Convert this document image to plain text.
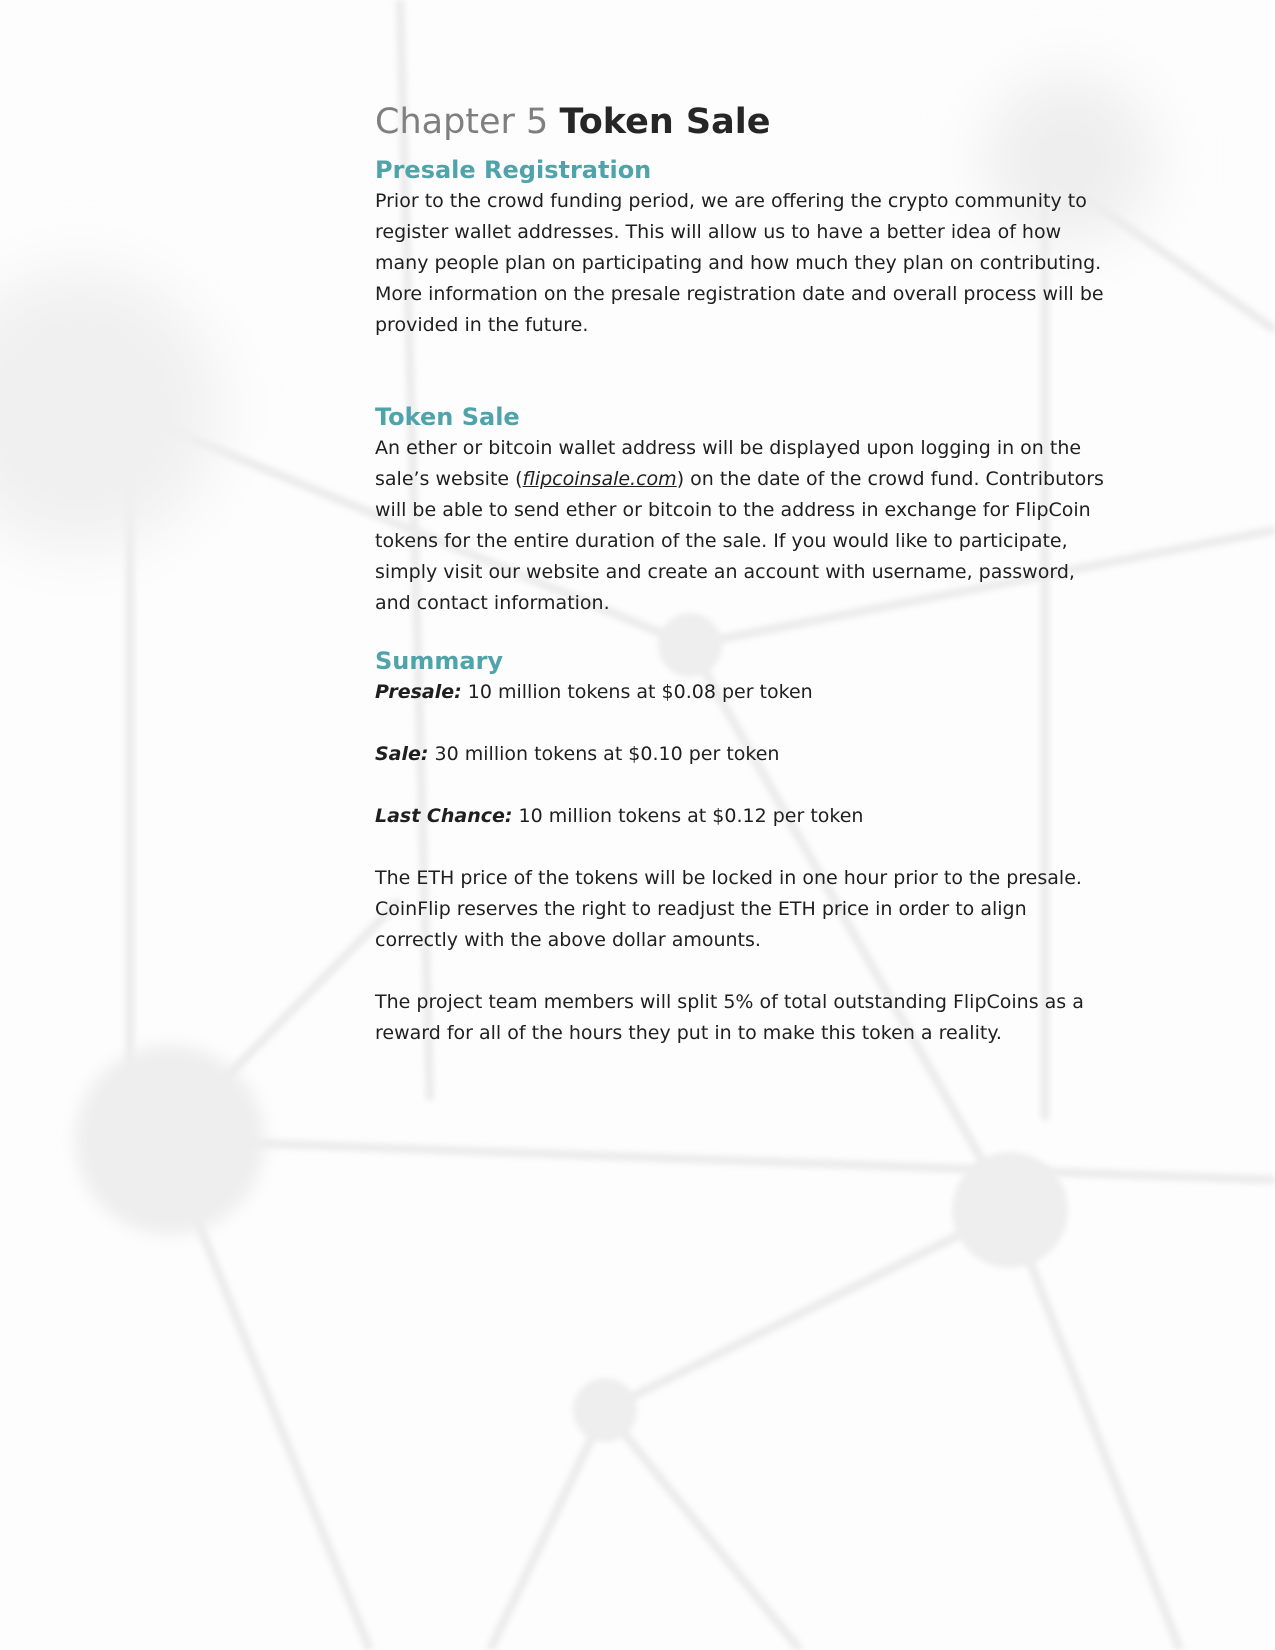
Chapter 5 Token Sale
Presale Registration

Prior to the crowd funding period, we are offering the crypto community to register wallet addresses. This will allow us to have a better idea of how many people plan on participating and how much they plan on contributing. More information on the presale registration date and overall process will be provided in the future.

Token Sale

An ether or bitcoin wallet address will be displayed upon logging in on the sale’s website (flipcoinsale.com) on the date of the crowd fund. Contributors will be able to send ether or bitcoin to the address in exchange for FlipCoin tokens for the entire duration of the sale. If you would like to participate, simply visit our website and create an account with username, password, and contact information.

Summary

Presale: 10 million tokens at $0.08 per token

Sale: 30 million tokens at $0.10 per token

Last Chance: 10 million tokens at $0.12 per token

The ETH price of the tokens will be locked in one hour prior to the presale. CoinFlip reserves the right to readjust the ETH price in order to align correctly with the above dollar amounts.

The project team members will split 5% of total outstanding FlipCoins as a reward for all of the hours they put in to make this token a reality.
